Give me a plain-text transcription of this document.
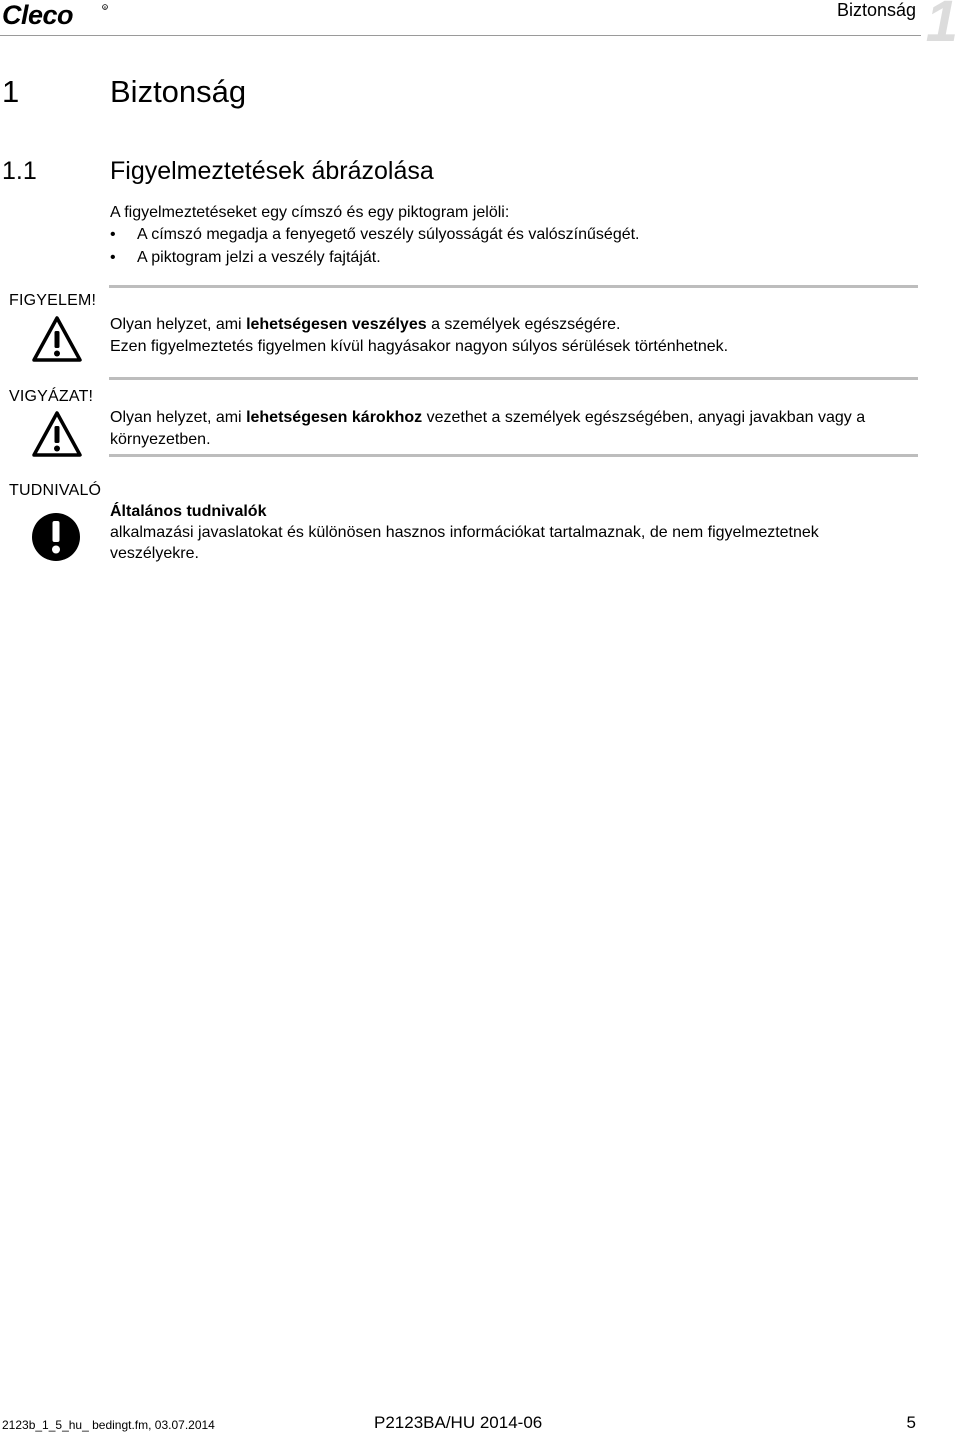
Cleco	R	Biztonság 1
1	Biztonság
1.1	Figyelmeztetések ábrázolása
A figyelmeztetéseket egy címszó és egy piktogram jelöli:
• A címszó megadja a fenyegető veszély súlyosságát és valószínűségét.
• A piktogram jelzi a veszély fajtáját.
FIGYELEM!
Olyan helyzet, ami lehetségesen veszélyes a személyek egészségére.
Ezen figyelmeztetés figyelmen kívül hagyásakor nagyon súlyos sérülések történhetnek.
VIGYÁZAT!
Olyan helyzet, ami lehetségesen károkhoz vezethet a személyek egészségében, anyagi javakban vagy a
környezetben.
TUDNIVALÓ
Általános tudnivalók
alkalmazási javaslatokat és különösen hasznos információkat tartalmaznak, de nem figyelmeztetnek
veszélyekre.
2123b_1_5_hu_ bedingt.fm, 03.07.2014	P2123BA/HU 2014-06	5
